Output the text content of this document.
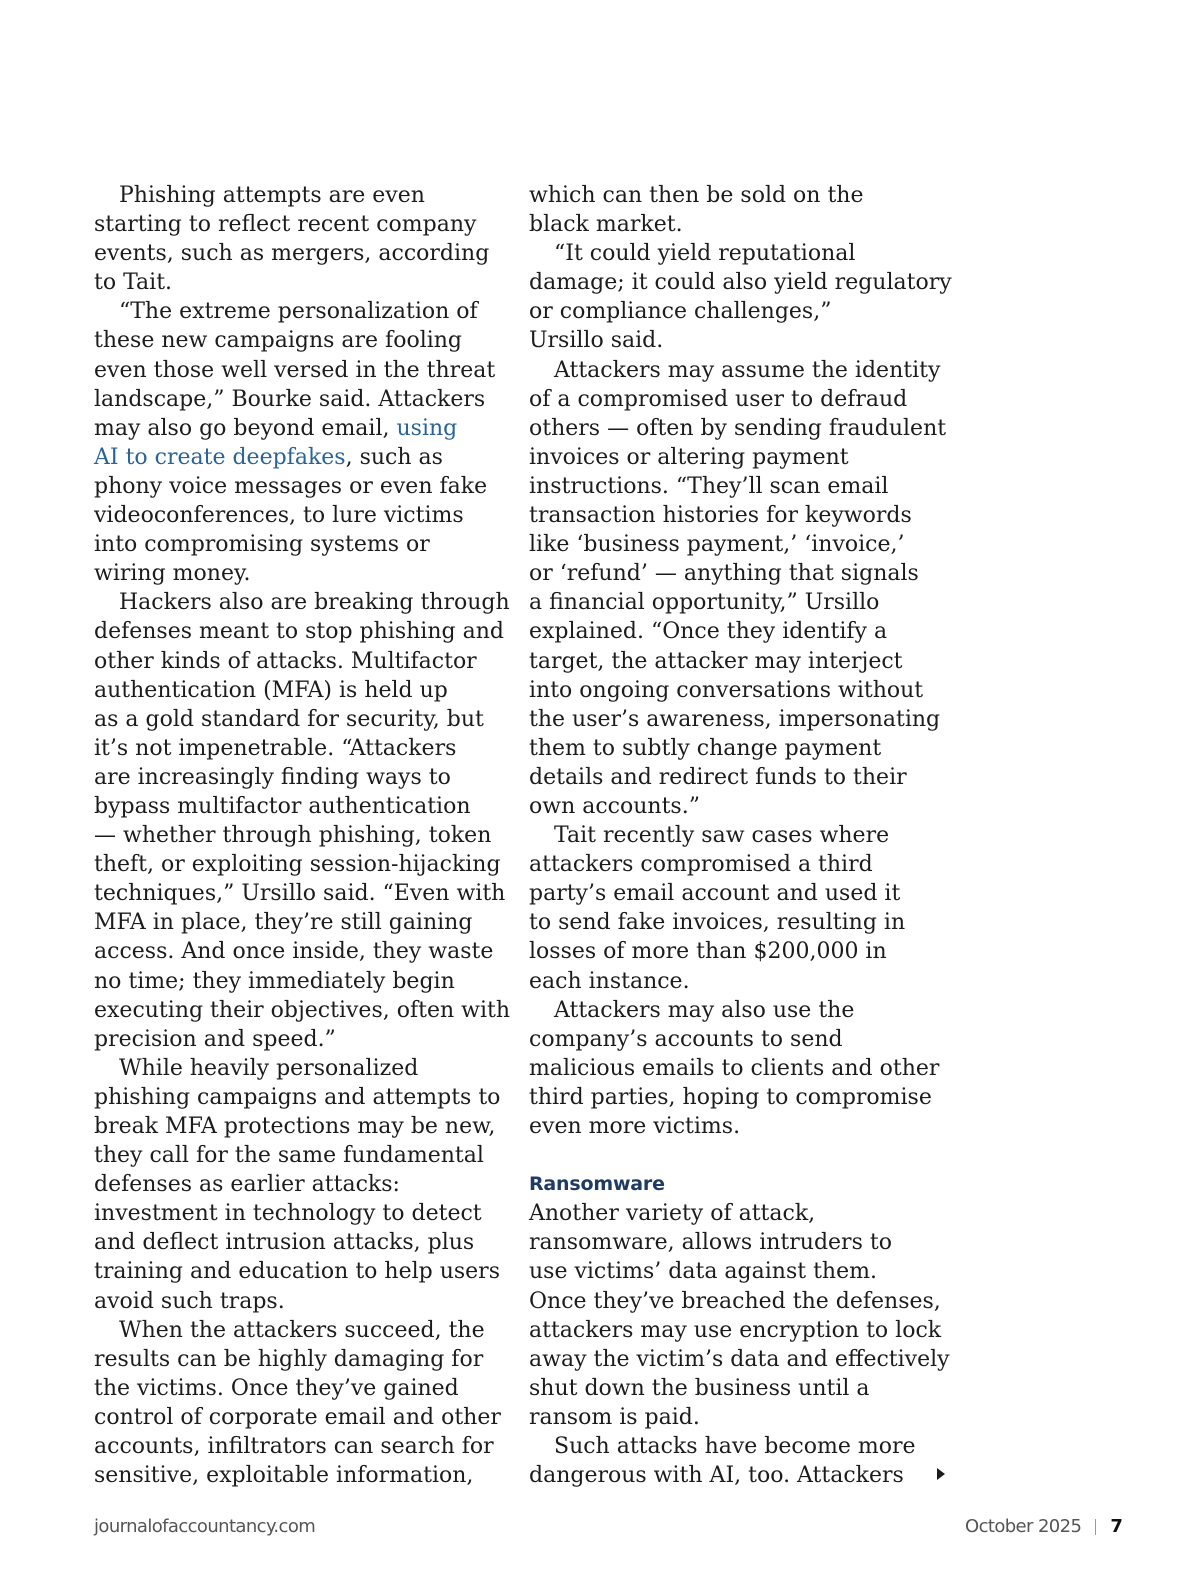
Phishing attempts are even
starting to reflect recent company
events, such as mergers, according
to Tait.
“The extreme personalization of
these new campaigns are fooling
even those well versed in the threat
landscape,” Bourke said. Attackers
may also go beyond email, using
AI to create deepfakes, such as
phony voice messages or even fake
videoconferences, to lure victims
into compromising systems or
wiring money.
Hackers also are breaking through
defenses meant to stop phishing and
other kinds of attacks. Multifactor
authentication (MFA) is held up
as a gold standard for security, but
it’s not impenetrable. “Attackers
are increasingly finding ways to
bypass multifactor authentication
— whether through phishing, token
theft, or exploiting session-hijacking
techniques,” Ursillo said. “Even with
MFA in place, they’re still gaining
access. And once inside, they waste
no time; they immediately begin
executing their objectives, often with
precision and speed.”
While heavily personalized
phishing campaigns and attempts to
break MFA protections may be new,
they call for the same fundamental
defenses as earlier attacks:
investment in technology to detect
and deflect intrusion attacks, plus
training and education to help users
avoid such traps.
When the attackers succeed, the
results can be highly damaging for
the victims. Once they’ve gained
control of corporate email and other
accounts, infiltrators can search for
sensitive, exploitable information,
which can then be sold on the
black market.
“It could yield reputational
damage; it could also yield regulatory
or compliance challenges,”
Ursillo said.
Attackers may assume the identity
of a compromised user to defraud
others — often by sending fraudulent
invoices or altering payment
instructions. “They’ll scan email
transaction histories for keywords
like ‘business payment,’ ‘invoice,’
or ‘refund’ — anything that signals
a financial opportunity,” Ursillo
explained. “Once they identify a
target, the attacker may interject
into ongoing conversations without
the user’s awareness, impersonating
them to subtly change payment
details and redirect funds to their
own accounts.”
Tait recently saw cases where
attackers compromised a third
party’s email account and used it
to send fake invoices, resulting in
losses of more than $200,000 in
each instance.
Attackers may also use the
company’s accounts to send
malicious emails to clients and other
third parties, hoping to compromise
even more victims.
Ransomware
Another variety of attack,
ransomware, allows intruders to
use victims’ data against them.
Once they’ve breached the defenses,
attackers may use encryption to lock
away the victim’s data and effectively
shut down the business until a
ransom is paid.
Such attacks have become more
dangerous with AI, too. Attackers
journalofaccountancy.com	October 2025 7
